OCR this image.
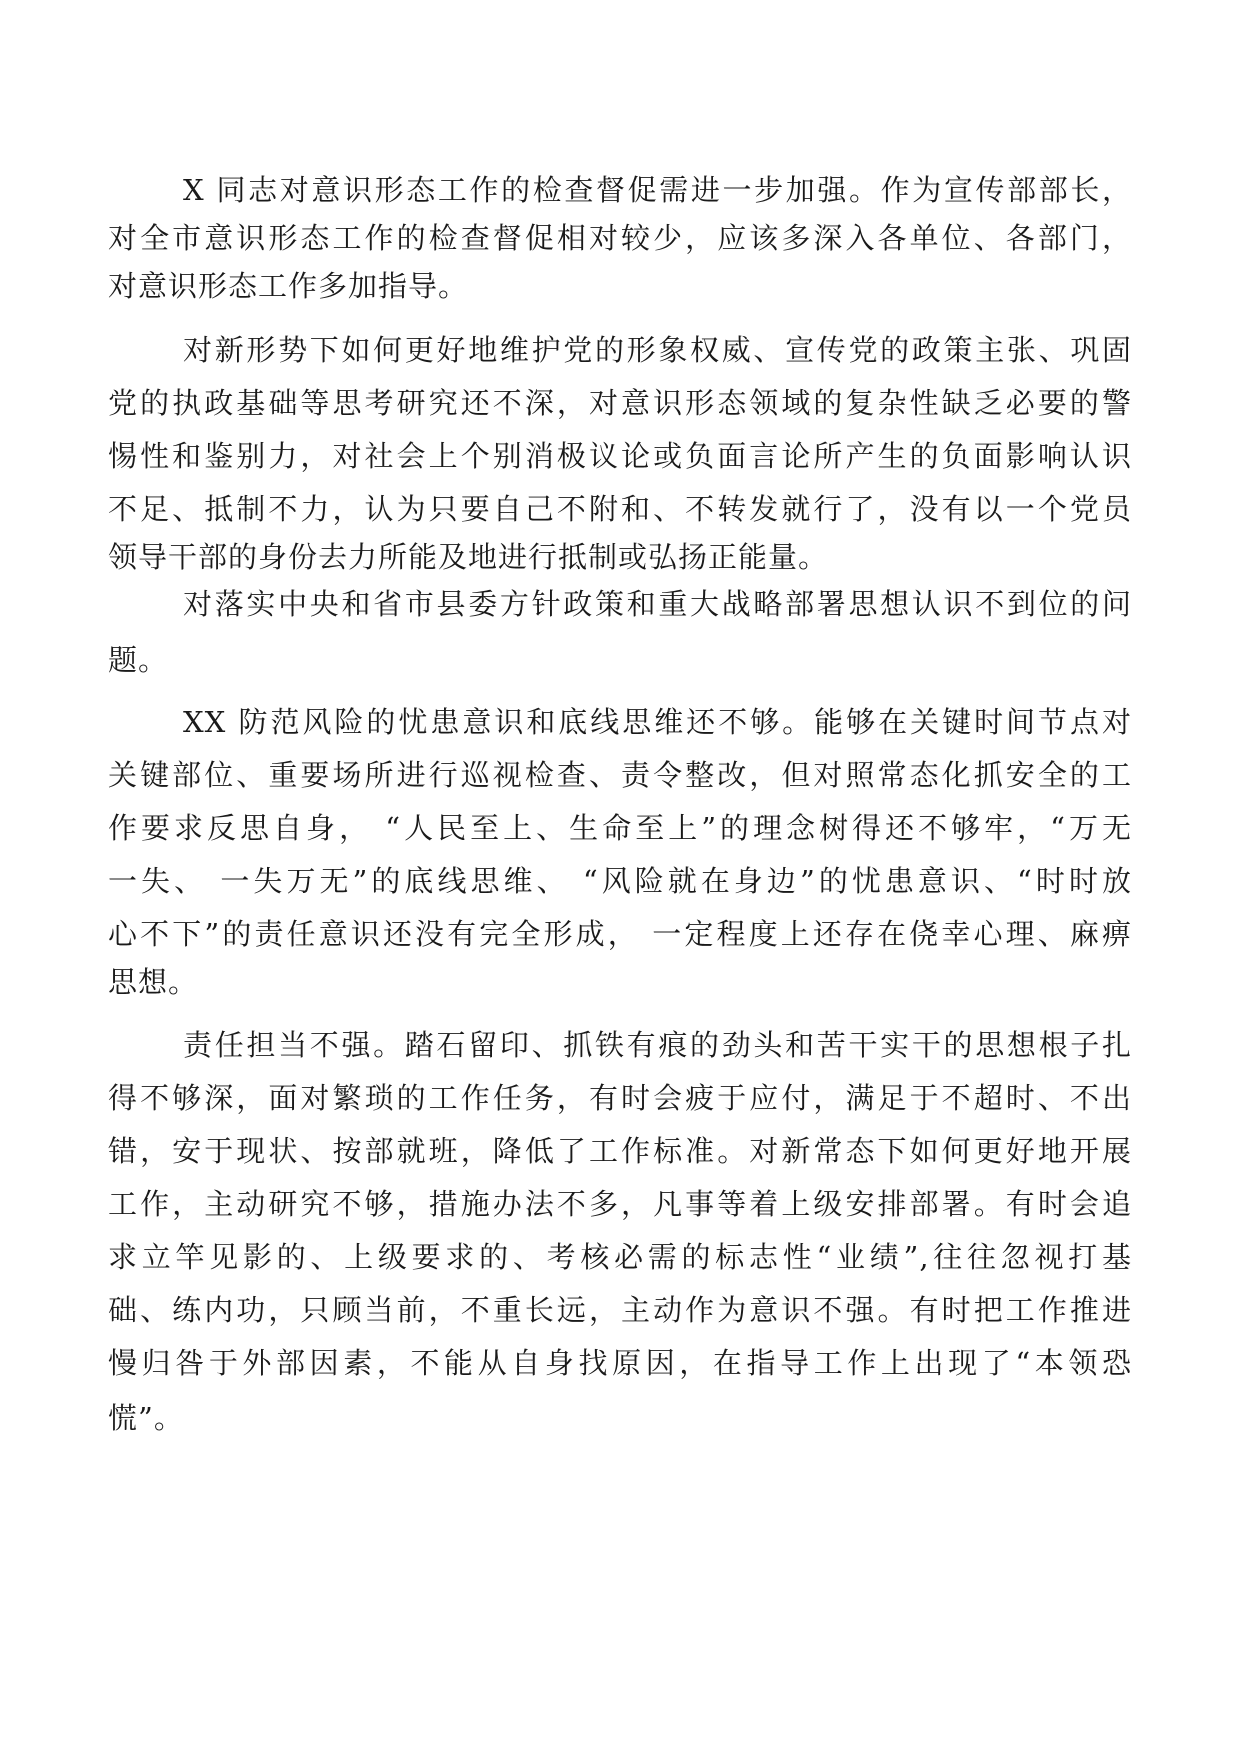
X 同志对意识形态工作的检查督促需进一步加强。作为宣传部部长，
对全市意识形态工作的检查督促相对较少，应该多深入各单位、各部门，
对意识形态工作多加指导。
对新形势下如何更好地维护党的形象权威、宣传党的政策主张、巩固
党的执政基础等思考研究还不深，对意识形态领域的复杂性缺乏必要的警
惕性和鉴别力，对社会上个别消极议论或负面言论所产生的负面影响认识
不足、抵制不力，认为只要自己不附和、不转发就行了，没有以一个党员
领导干部的身份去力所能及地进行抵制或弘扬正能量。
对落实中央和省市县委方针政策和重大战略部署思想认识不到位的问
题。
XX 防范风险的忧患意识和底线思维还不够。能够在关键时间节点对
关键部位、重要场所进行巡视检查、责令整改，但对照常态化抓安全的工
作要求反思自身， “人民至上、生命至上”的理念树得还不够牢，“万无
一失、 一失万无”的底线思维、 “风险就在身边”的忧患意识、“时时放
心不下”的责任意识还没有完全形成， 一定程度上还存在侥幸心理、麻痹
思想。
责任担当不强。踏石留印、抓铁有痕的劲头和苦干实干的思想根子扎
得不够深，面对繁琐的工作任务，有时会疲于应付，满足于不超时、不出
错，安于现状、按部就班，降低了工作标准。对新常态下如何更好地开展
工作，主动研究不够，措施办法不多，凡事等着上级安排部署。有时会追
求立竿见影的、上级要求的、考核必需的标志性“业绩”,往往忽视打基
础、练内功，只顾当前，不重长远，主动作为意识不强。有时把工作推进
慢归咎于外部因素，不能从自身找原因，在指导工作上出现了“本领恐
慌”。
